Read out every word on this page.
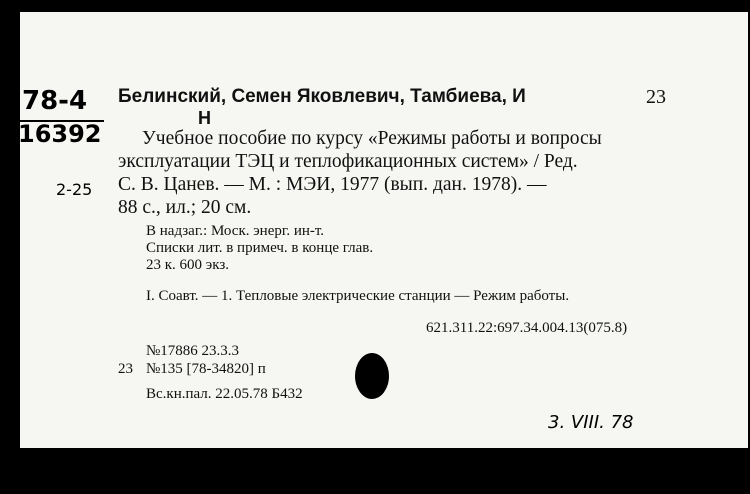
78-4
16392
2-25
Белинский, Семен Яковлевич, Тамбиева, И
Н
23
Учебное пособие по курсу «Режимы работы и вопросы
эксплуатации ТЭЦ и теплофикационных систем» / Ред.
С. В. Цанев. — М. : МЭИ, 1977 (вып. дан. 1978). —
88 с., ил.; 20 см.
В надзаг.: Моск. энерг. ин-т.
Списки лит. в примеч. в конце глав.
23 к. 600 экз.
I. Соавт. — 1. Тепловые электрические станции — Режим работы.
621.311.22:697.34.004.13(075.8)
№17886 23.3.3
23 №135 [78-34820] п
Вс.кн.пал. 22.05.78 Б432
3. VIII. 78
